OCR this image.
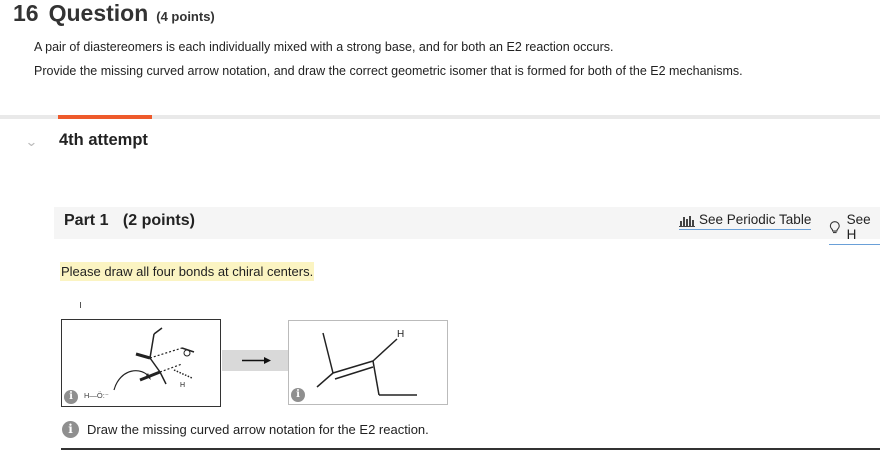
16 Question (4 points)
A pair of diastereomers is each individually mixed with a strong base, and for both an E2 reaction occurs.
Provide the missing curved arrow notation, and draw the correct geometric isomer that is formed for both of the E2 mechanisms.
⌄ 4th attempt
Part 1 (2 points)	See Periodic Table	See H
Please draw all four bonds at chiral centers.
H
H—Ö:⁻
i
H
i
i	Draw the missing curved arrow notation for the E2 reaction.
